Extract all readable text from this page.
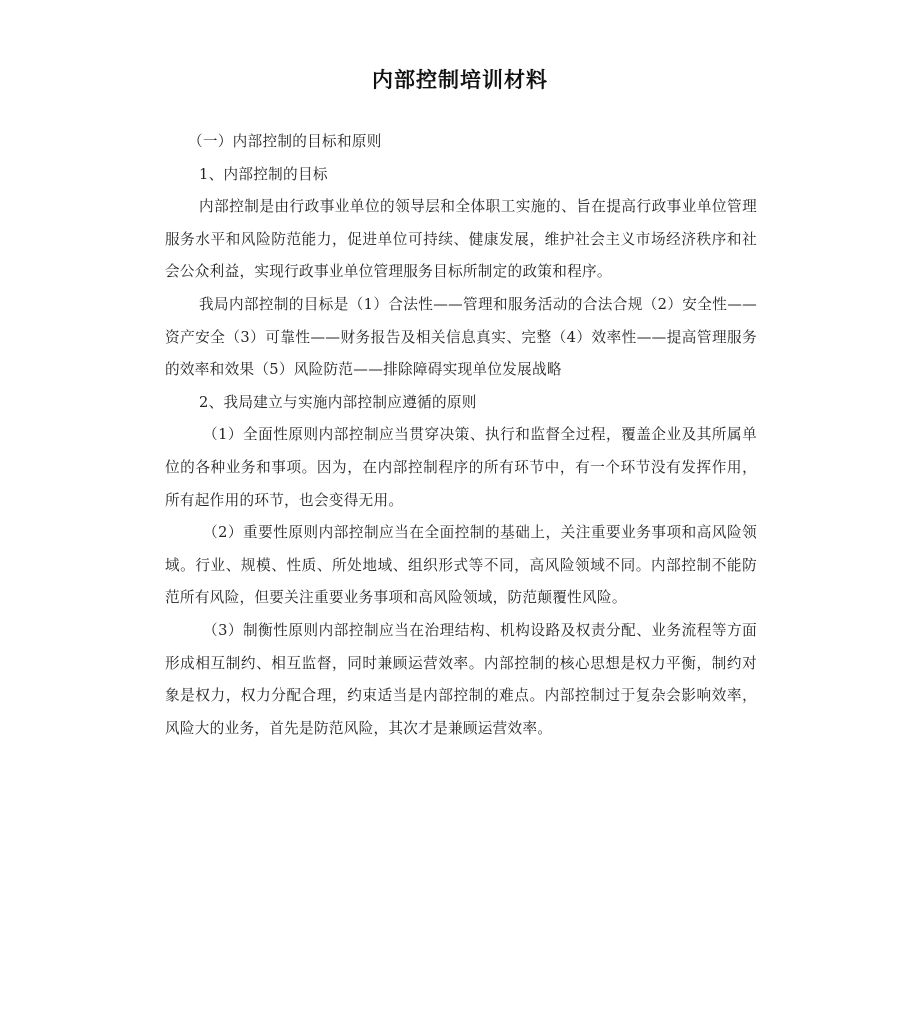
内部控制培训材料

（一）内部控制的目标和原则

1、内部控制的目标

内部控制是由行政事业单位的领导层和全体职工实施的、旨在提高行政事业单位管理服务水平和风险防范能力，促进单位可持续、健康发展，维护社会主义市场经济秩序和社会公众利益，实现行政事业单位管理服务目标所制定的政策和程序。

我局内部控制的目标是（1）合法性——管理和服务活动的合法合规（2）安全性——资产安全（3）可靠性——财务报告及相关信息真实、完整（4）效率性——提高管理服务的效率和效果（5）风险防范——排除障碍实现单位发展战略

2、我局建立与实施内部控制应遵循的原则

（1）全面性原则内部控制应当贯穿决策、执行和监督全过程，覆盖企业及其所属单位的各种业务和事项。因为，在内部控制程序的所有环节中，有一个环节没有发挥作用，所有起作用的环节，也会变得无用。

（2）重要性原则内部控制应当在全面控制的基础上，关注重要业务事项和高风险领域。行业、规模、性质、所处地域、组织形式等不同，高风险领域不同。内部控制不能防范所有风险，但要关注重要业务事项和高风险领域，防范颠覆性风险。

（3）制衡性原则内部控制应当在治理结构、机构设路及权责分配、业务流程等方面形成相互制约、相互监督，同时兼顾运营效率。内部控制的核心思想是权力平衡，制约对象是权力，权力分配合理，约束适当是内部控制的难点。内部控制过于复杂会影响效率，风险大的业务，首先是防范风险，其次才是兼顾运营效率。
